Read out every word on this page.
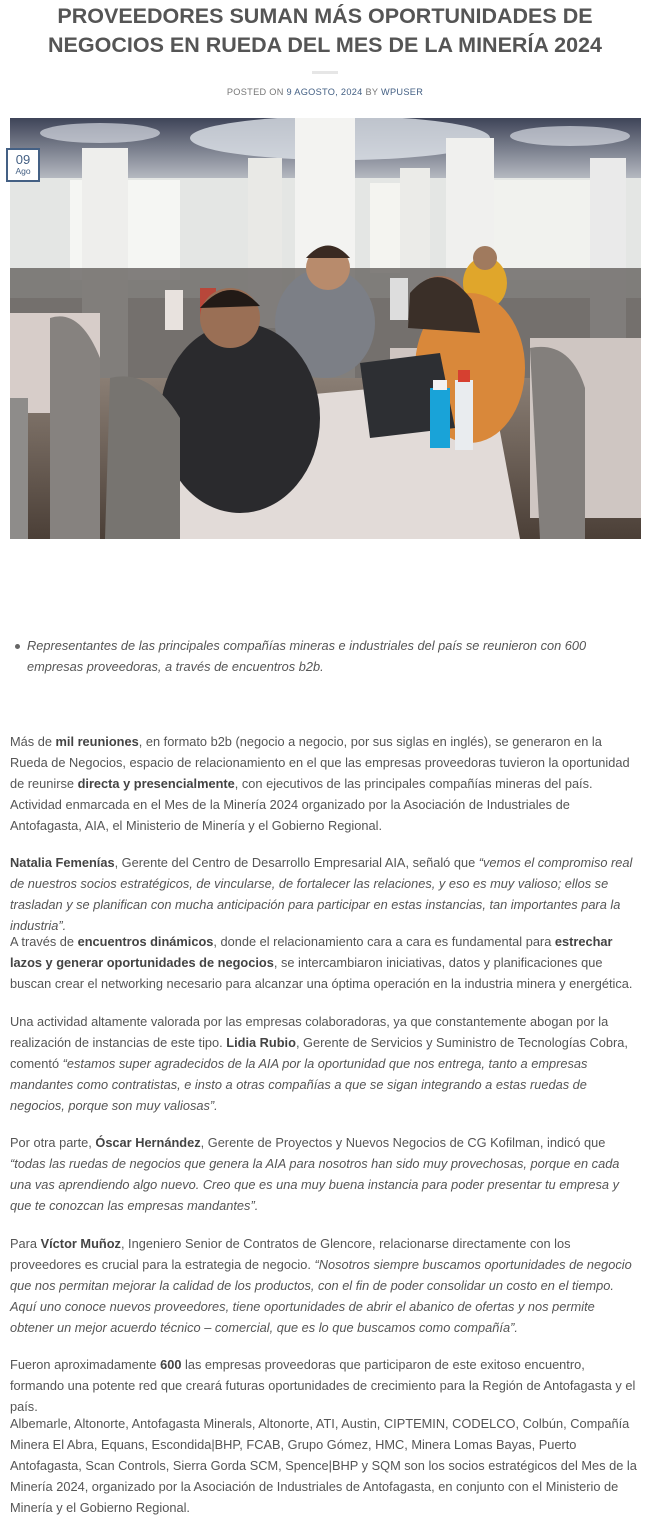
PROVEEDORES SUMAN MÁS OPORTUNIDADES DE NEGOCIOS EN RUEDA DEL MES DE LA MINERÍA 2024
POSTED ON 9 AGOSTO, 2024 BY WPUSER
09
Ago
Representantes de las principales compañías mineras e industriales del país se reunieron con 600 empresas proveedoras, a través de encuentros b2b.

Más de mil reuniones, en formato b2b (negocio a negocio, por sus siglas en inglés), se generaron en la Rueda de Negocios, espacio de relacionamiento en el que las empresas proveedoras tuvieron la oportunidad de reunirse directa y presencialmente, con ejecutivos de las principales compañías mineras del país. Actividad enmarcada en el Mes de la Minería 2024 organizado por la Asociación de Industriales de Antofagasta, AIA, el Ministerio de Minería y el Gobierno Regional.

Natalia Femenías, Gerente del Centro de Desarrollo Empresarial AIA, señaló que “vemos el compromiso real de nuestros socios estratégicos, de vincularse, de fortalecer las relaciones, y eso es muy valioso; ellos se trasladan y se planifican con mucha anticipación para participar en estas instancias, tan importantes para la industria”.

A través de encuentros dinámicos, donde el relacionamiento cara a cara es fundamental para estrechar lazos y generar oportunidades de negocios, se intercambiaron iniciativas, datos y planificaciones que buscan crear el networking necesario para alcanzar una óptima operación en la industria minera y energética.

Una actividad altamente valorada por las empresas colaboradoras, ya que constantemente abogan por la realización de instancias de este tipo. Lidia Rubio, Gerente de Servicios y Suministro de Tecnologías Cobra, comentó “estamos super agradecidos de la AIA por la oportunidad que nos entrega, tanto a empresas mandantes como contratistas, e insto a otras compañías a que se sigan integrando a estas ruedas de negocios, porque son muy valiosas”.

Por otra parte, Óscar Hernández, Gerente de Proyectos y Nuevos Negocios de CG Kofilman, indicó que “todas las ruedas de negocios que genera la AIA para nosotros han sido muy provechosas, porque en cada una vas aprendiendo algo nuevo. Creo que es una muy buena instancia para poder presentar tu empresa y que te conozcan las empresas mandantes”.

Para Víctor Muñoz, Ingeniero Senior de Contratos de Glencore, relacionarse directamente con los proveedores es crucial para la estrategia de negocio. “Nosotros siempre buscamos oportunidades de negocio que nos permitan mejorar la calidad de los productos, con el fin de poder consolidar un costo en el tiempo. Aquí uno conoce nuevos proveedores, tiene oportunidades de abrir el abanico de ofertas y nos permite obtener un mejor acuerdo técnico – comercial, que es lo que buscamos como compañía”.

Fueron aproximadamente 600 las empresas proveedoras que participaron de este exitoso encuentro, formando una potente red que creará futuras oportunidades de crecimiento para la Región de Antofagasta y el país.

Albemarle, Altonorte, Antofagasta Minerals, Altonorte, ATI, Austin, CIPTEMIN, CODELCO, Colbún, Compañía Minera El Abra, Equans, Escondida|BHP, FCAB, Grupo Gómez, HMC, Minera Lomas Bayas, Puerto Antofagasta, Scan Controls, Sierra Gorda SCM, Spence|BHP y SQM son los socios estratégicos del Mes de la Minería 2024, organizado por la Asociación de Industriales de Antofagasta, en conjunto con el Ministerio de Minería y el Gobierno Regional.
